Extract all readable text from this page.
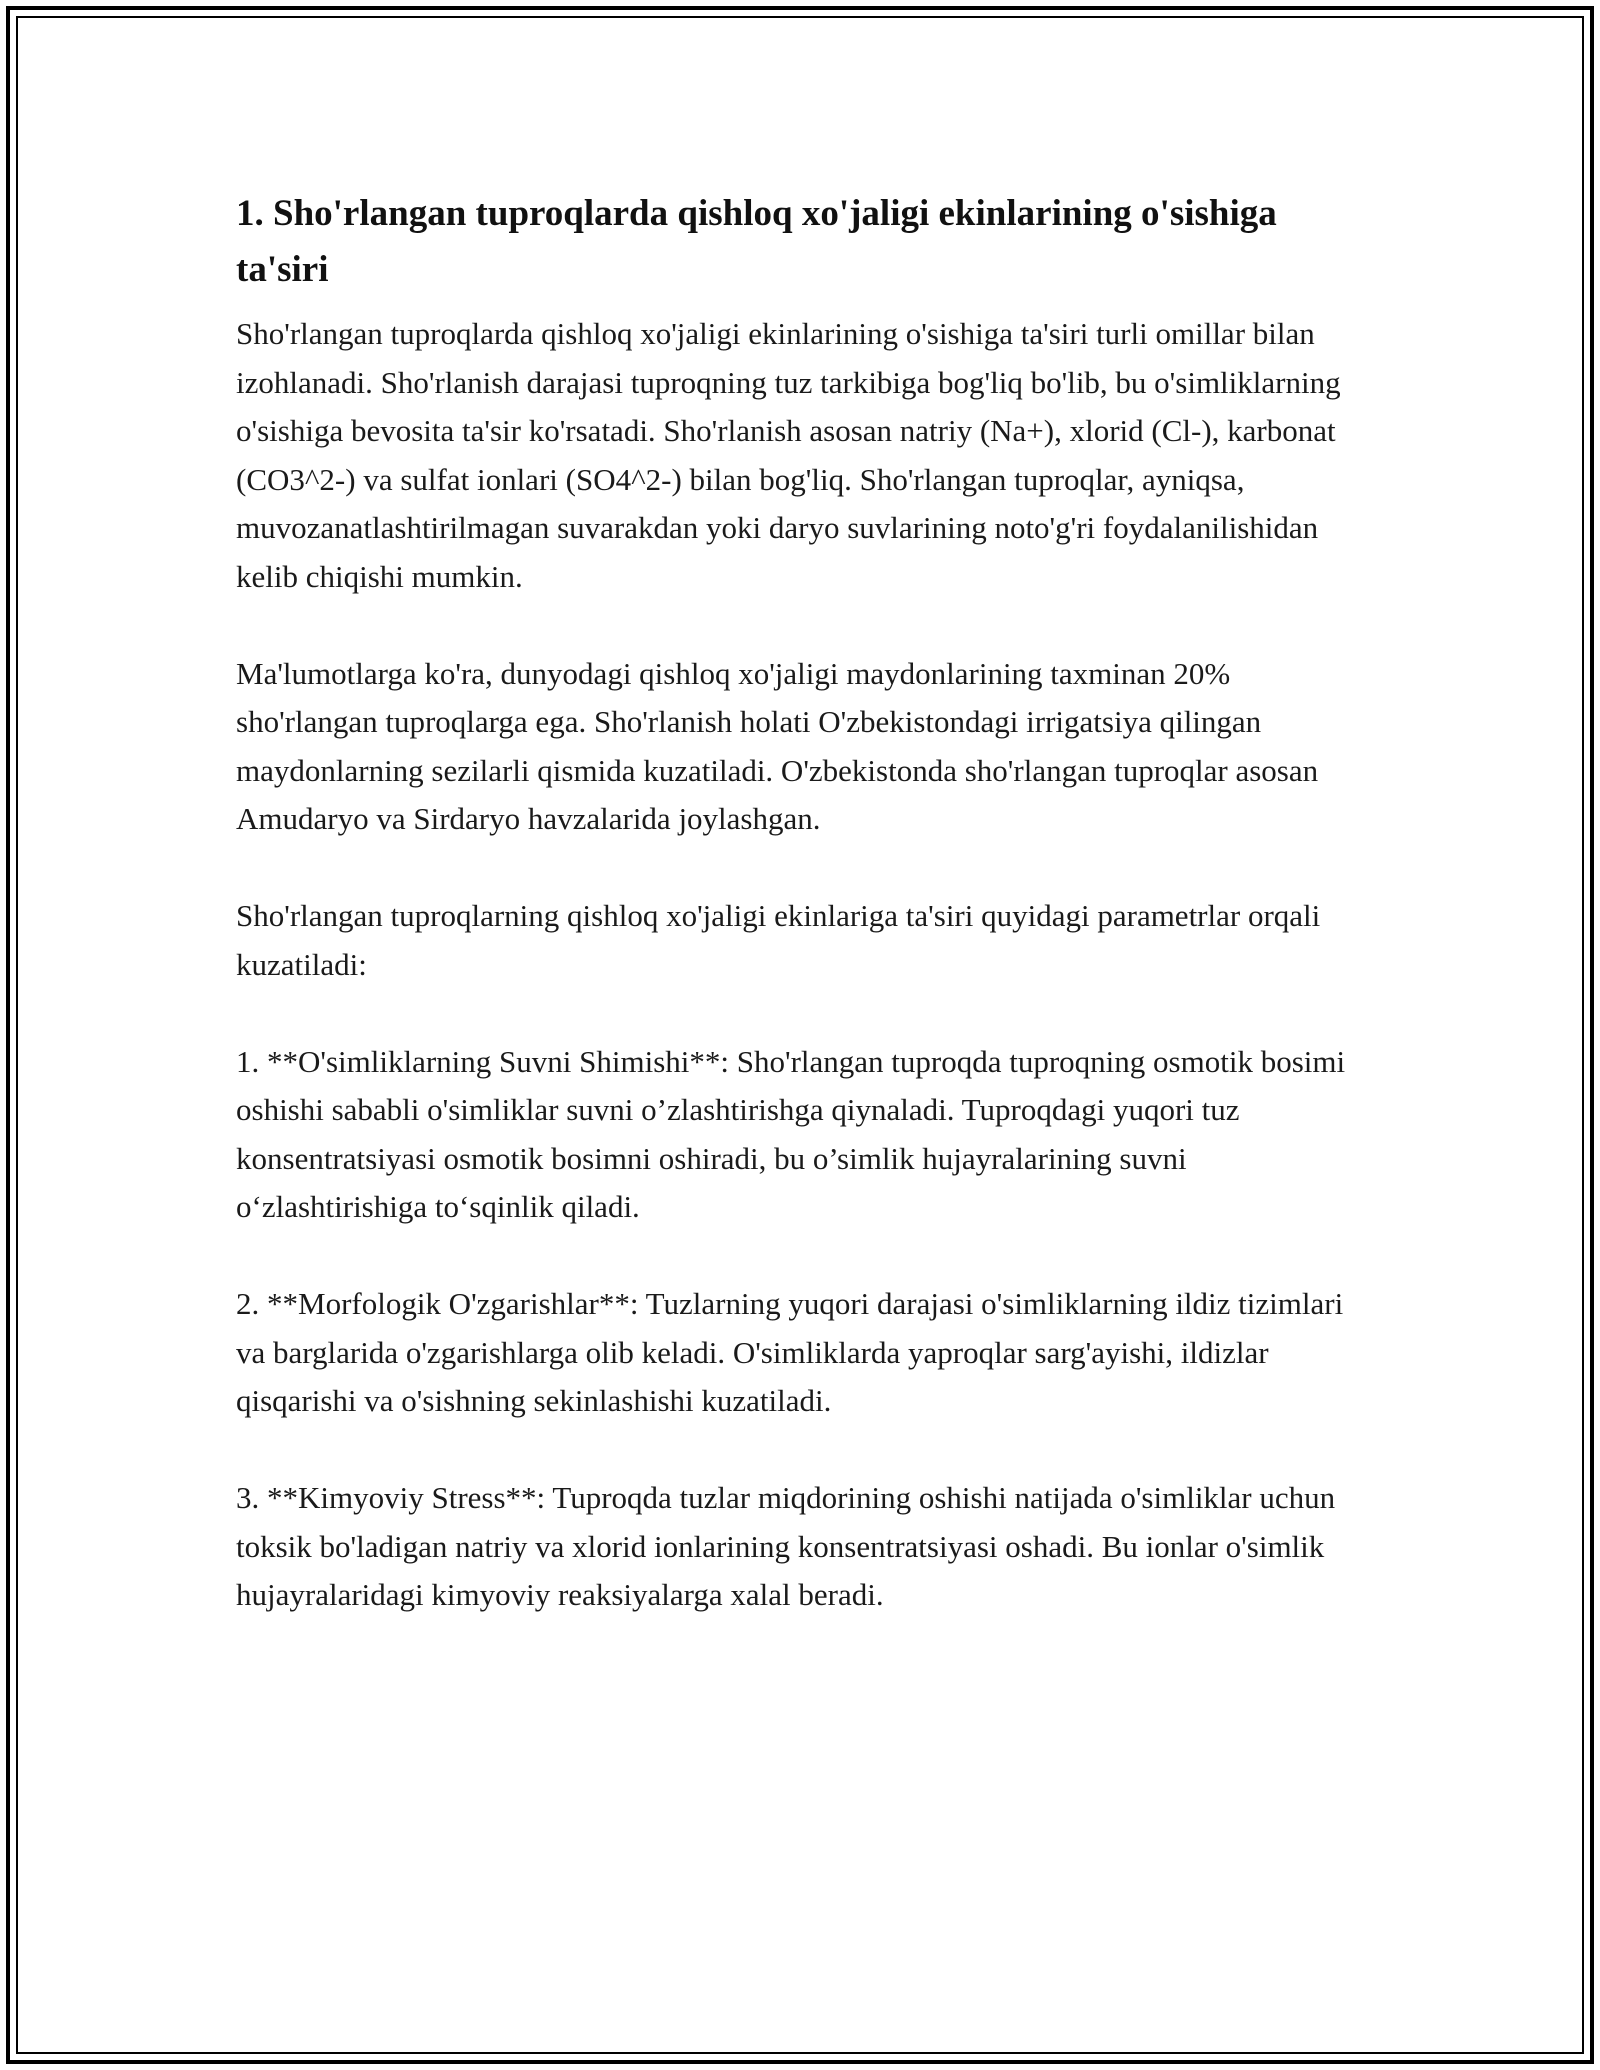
1. Sho'rlangan tuproqlarda qishloq xo'jaligi ekinlarining o'sishiga ta'siri

Sho'rlangan tuproqlarda qishloq xo'jaligi ekinlarining o'sishiga ta'siri turli omillar bilan izohlanadi. Sho'rlanish darajasi tuproqning tuz tarkibiga bog'liq bo'lib, bu o'simliklarning o'sishiga bevosita ta'sir ko'rsatadi. Sho'rlanish asosan natriy (Na+), xlorid (Cl-), karbonat (CO3^2-) va sulfat ionlari (SO4^2-) bilan bog'liq. Sho'rlangan tuproqlar, ayniqsa, muvozanatlashtirilmagan suvarakdan yoki daryo suvlarining noto'g'ri foydalanilishidan kelib chiqishi mumkin.

Ma'lumotlarga ko'ra, dunyodagi qishloq xo'jaligi maydonlarining taxminan 20% sho'rlangan tuproqlarga ega. Sho'rlanish holati O'zbekistondagi irrigatsiya qilingan maydonlarning sezilarli qismida kuzatiladi. O'zbekistonda sho'rlangan tuproqlar asosan Amudaryo va Sirdaryo havzalarida joylashgan.

Sho'rlangan tuproqlarning qishloq xo'jaligi ekinlariga ta'siri quyidagi parametrlar orqali kuzatiladi:

1. **O'simliklarning Suvni Shimishi**: Sho'rlangan tuproqda tuproqning osmotik bosimi oshishi sababli o'simliklar suvni o’zlashtirishga qiynaladi. Tuproqdagi yuqori tuz konsentratsiyasi osmotik bosimni oshiradi, bu o’simlik hujayralarining suvni o‘zlashtirishiga to‘sqinlik qiladi.

2. **Morfologik O'zgarishlar**: Tuzlarning yuqori darajasi o'simliklarning ildiz tizimlari va barglarida o'zgarishlarga olib keladi. O'simliklarda yaproqlar sarg'ayishi, ildizlar qisqarishi va o'sishning sekinlashishi kuzatiladi.

3. **Kimyoviy Stress**: Tuproqda tuzlar miqdorining oshishi natijada o'simliklar uchun toksik bo'ladigan natriy va xlorid ionlarining konsentratsiyasi oshadi. Bu ionlar o'simlik hujayralaridagi kimyoviy reaksiyalarga xalal beradi.
